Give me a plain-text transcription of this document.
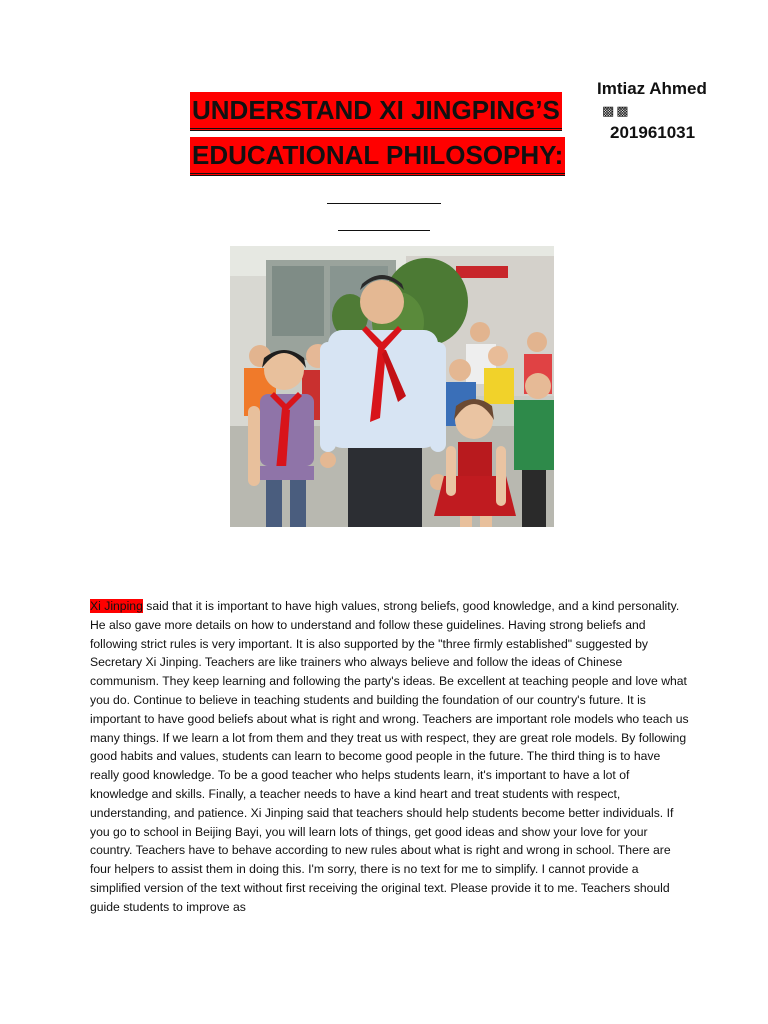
UNDERSTAND XI JINGPING’S EDUCATIONAL PHILOSOPHY:
Imtiaz Ahmed
▩▩
201961031

Xi Jinping said that it is important to have high values, strong beliefs, good knowledge, and a kind personality. He also gave more details on how to understand and follow these guidelines. Having strong beliefs and following strict rules is very important. It is also supported by the "three firmly established" suggested by Secretary Xi Jinping. Teachers are like trainers who always believe and follow the ideas of Chinese communism. They keep learning and following the party's ideas. Be excellent at teaching people and love what you do. Continue to believe in teaching students and building the foundation of our country's future. It is important to have good beliefs about what is right and wrong. Teachers are important role models who teach us many things. If we learn a lot from them and they treat us with respect, they are great role models. By following good habits and values, students can learn to become good people in the future. The third thing is to have really good knowledge. To be a good teacher who helps students learn, it's important to have a lot of knowledge and skills. Finally, a teacher needs to have a kind heart and treat students with respect, understanding, and patience. Xi Jinping said that teachers should help students become better individuals. If you go to school in Beijing Bayi, you will learn lots of things, get good ideas and show your love for your country. Teachers have to behave according to new rules about what is right and wrong in school. There are four helpers to assist them in doing this. I'm sorry, there is no text for me to simplify. I cannot provide a simplified version of the text without first receiving the original text. Please provide it to me. Teachers should guide students to improve as
